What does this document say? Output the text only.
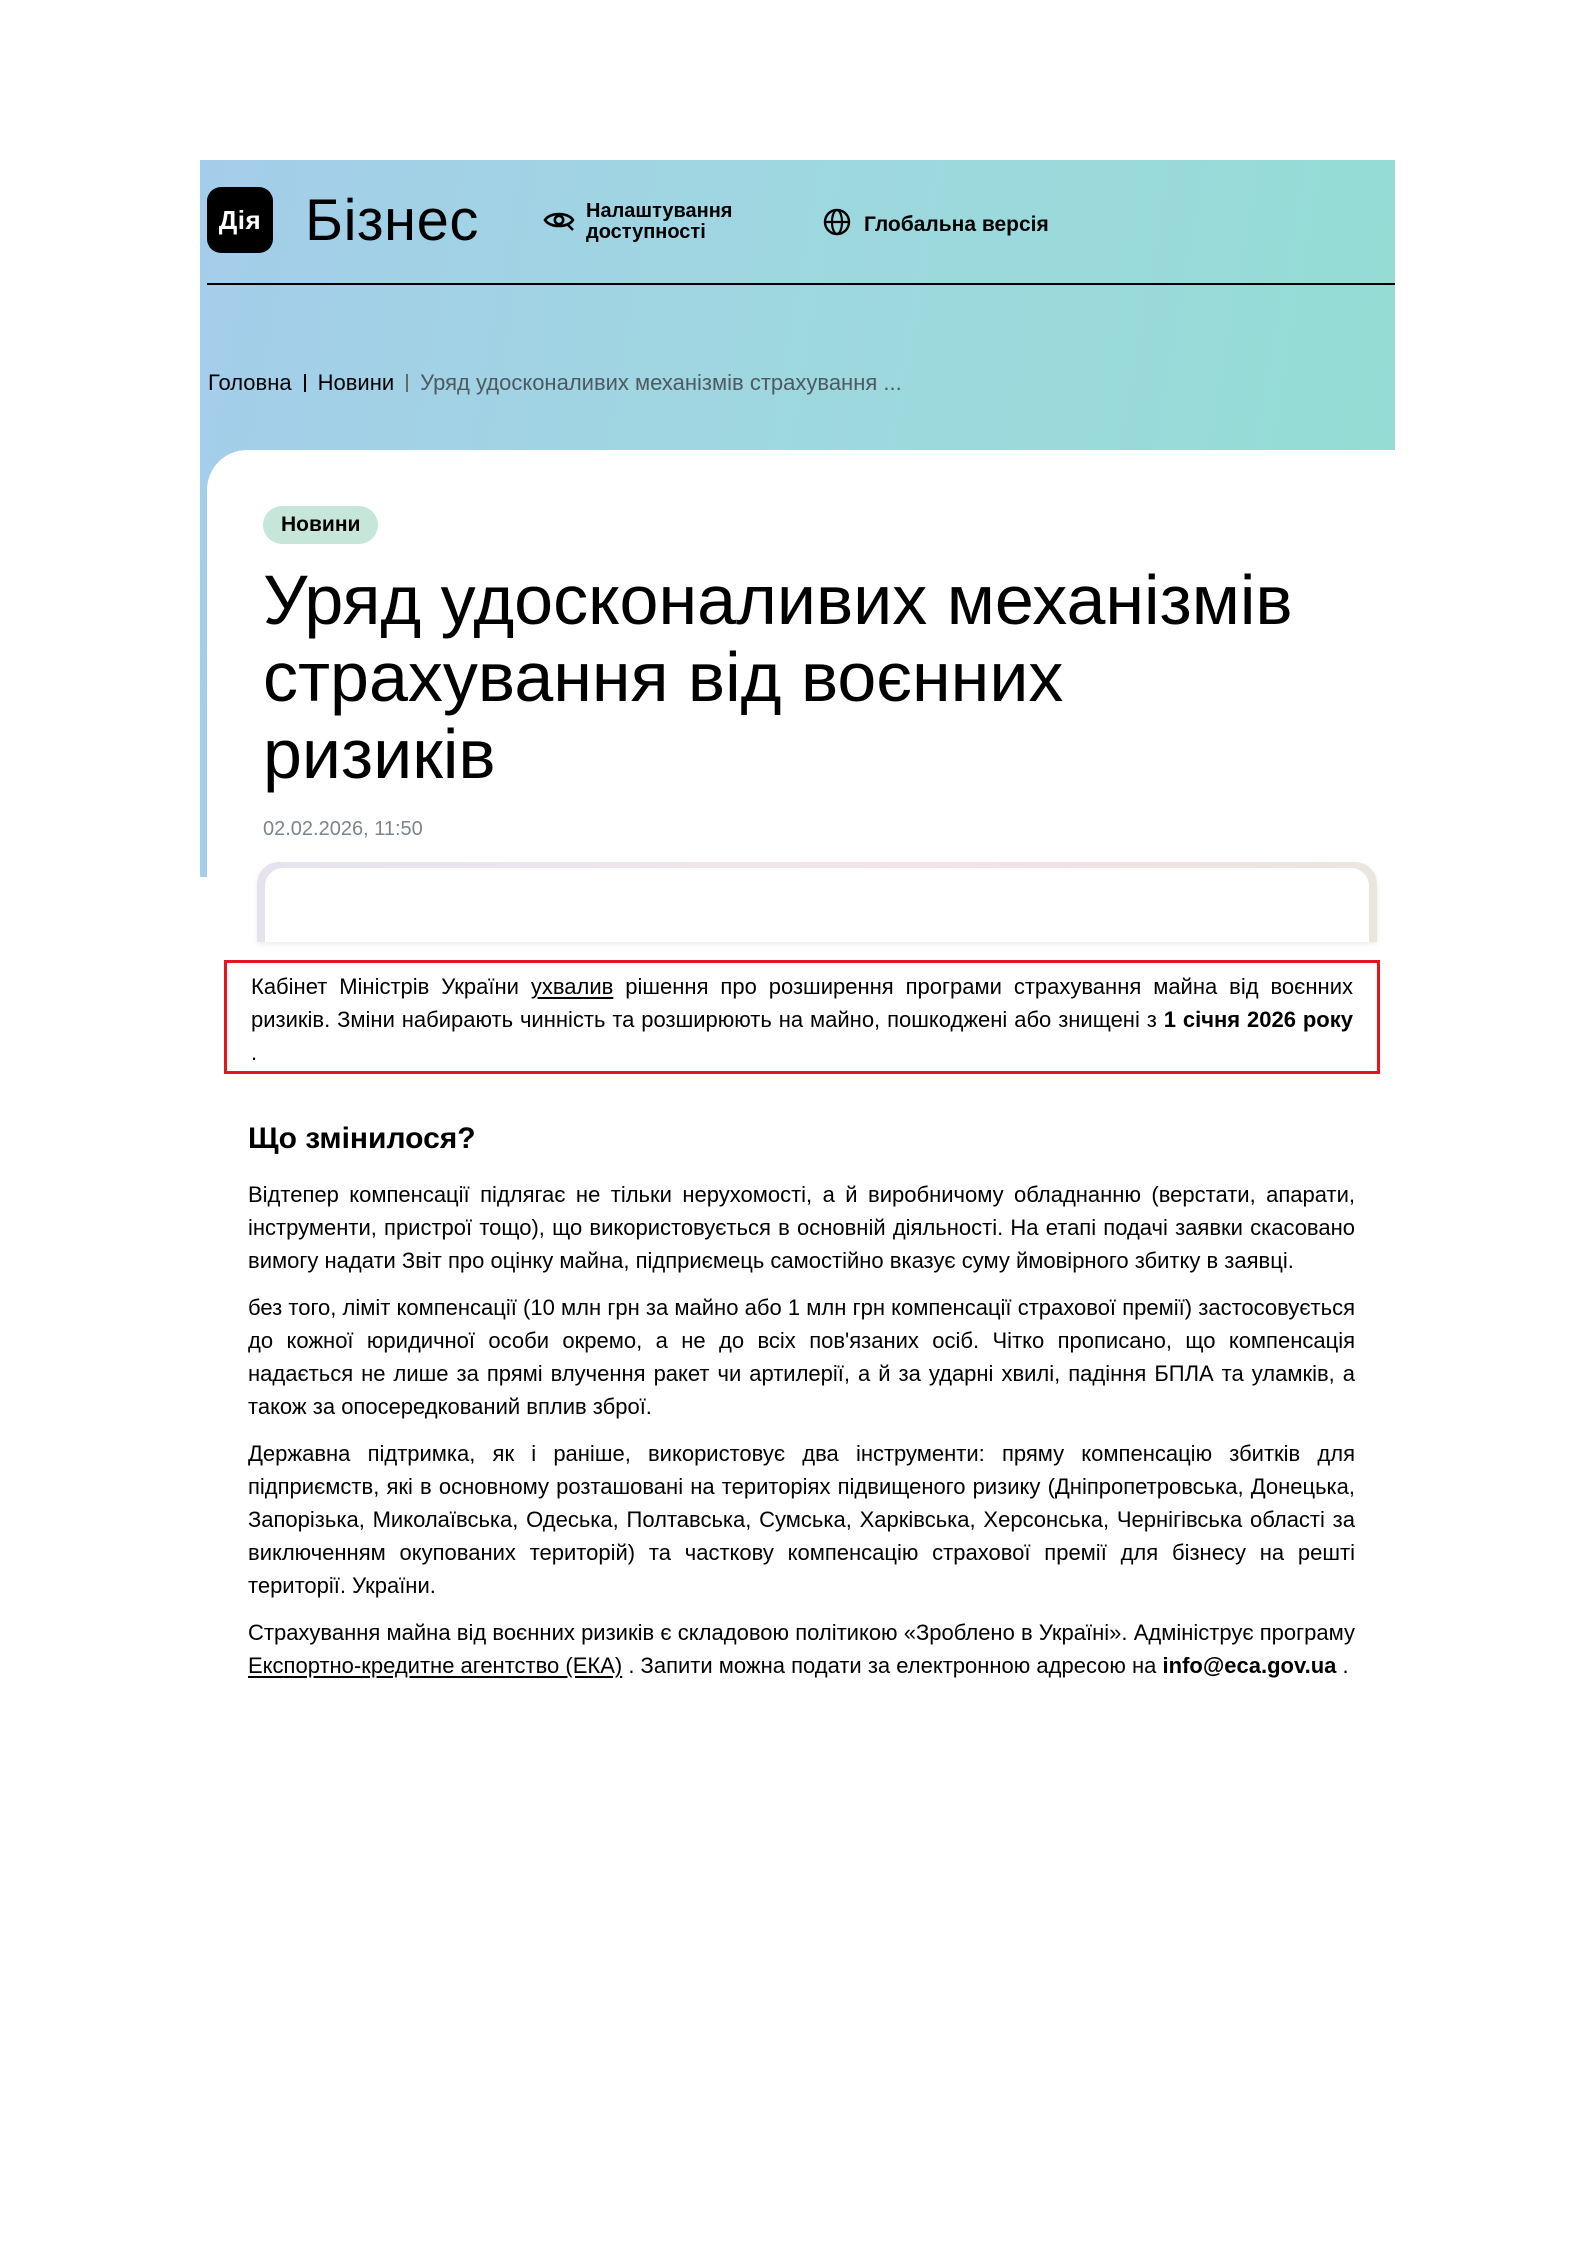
Дія Бізнес	Налаштування доступності	Глобальна версія
Головна Новини Уряд удосконаливих механізмів страхування ...
Новини
Уряд удосконаливих механізмів страхування від воєнних ризиків
02.02.2026, 11:50
Кабінет Міністрів України ухвалив рішення про розширення програми страхування майна від воєнних ризиків. Зміни набирають чинність та розширюють на майно, пошкоджені або знищені з 1 січня 2026 року .
Що змінилося?

Відтепер компенсації підлягає не тільки нерухомості, а й виробничому обладнанню (верстати, апарати, інструменти, пристрої тощо), що використовується в основній діяльності. На етапі подачі заявки скасовано вимогу надати Звіт про оцінку майна, підприємець самостійно вказує суму ймовірного збитку в заявці.

без того, ліміт компенсації (10 млн грн за майно або 1 млн грн компенсації страхової премії) застосовується до кожної юридичної особи окремо, а не до всіх пов'язаних осіб. Чітко прописано, що компенсація надається не лише за прямі влучення ракет чи артилерії, а й за ударні хвилі, падіння БПЛА та уламків, а також за опосередкований вплив зброї.

Державна підтримка, як і раніше, використовує два інструменти: пряму компенсацію збитків для підприємств, які в основному розташовані на територіях підвищеного ризику (Дніпропетровська, Донецька, Запорізька, Миколаївська, Одеська, Полтавська, Сумська, Харківська, Херсонська, Чернігівська області за виключенням окупованих територій) та часткову компенсацію страхової премії для бізнесу на решті території. України.

Страхування майна від воєнних ризиків є складовою політикою «Зроблено в Україні». Адмініструє програму Експортно-кредитне агентство (ЕКА) . Запити можна подати за електронною адресою на info@eca.gov.ua .
